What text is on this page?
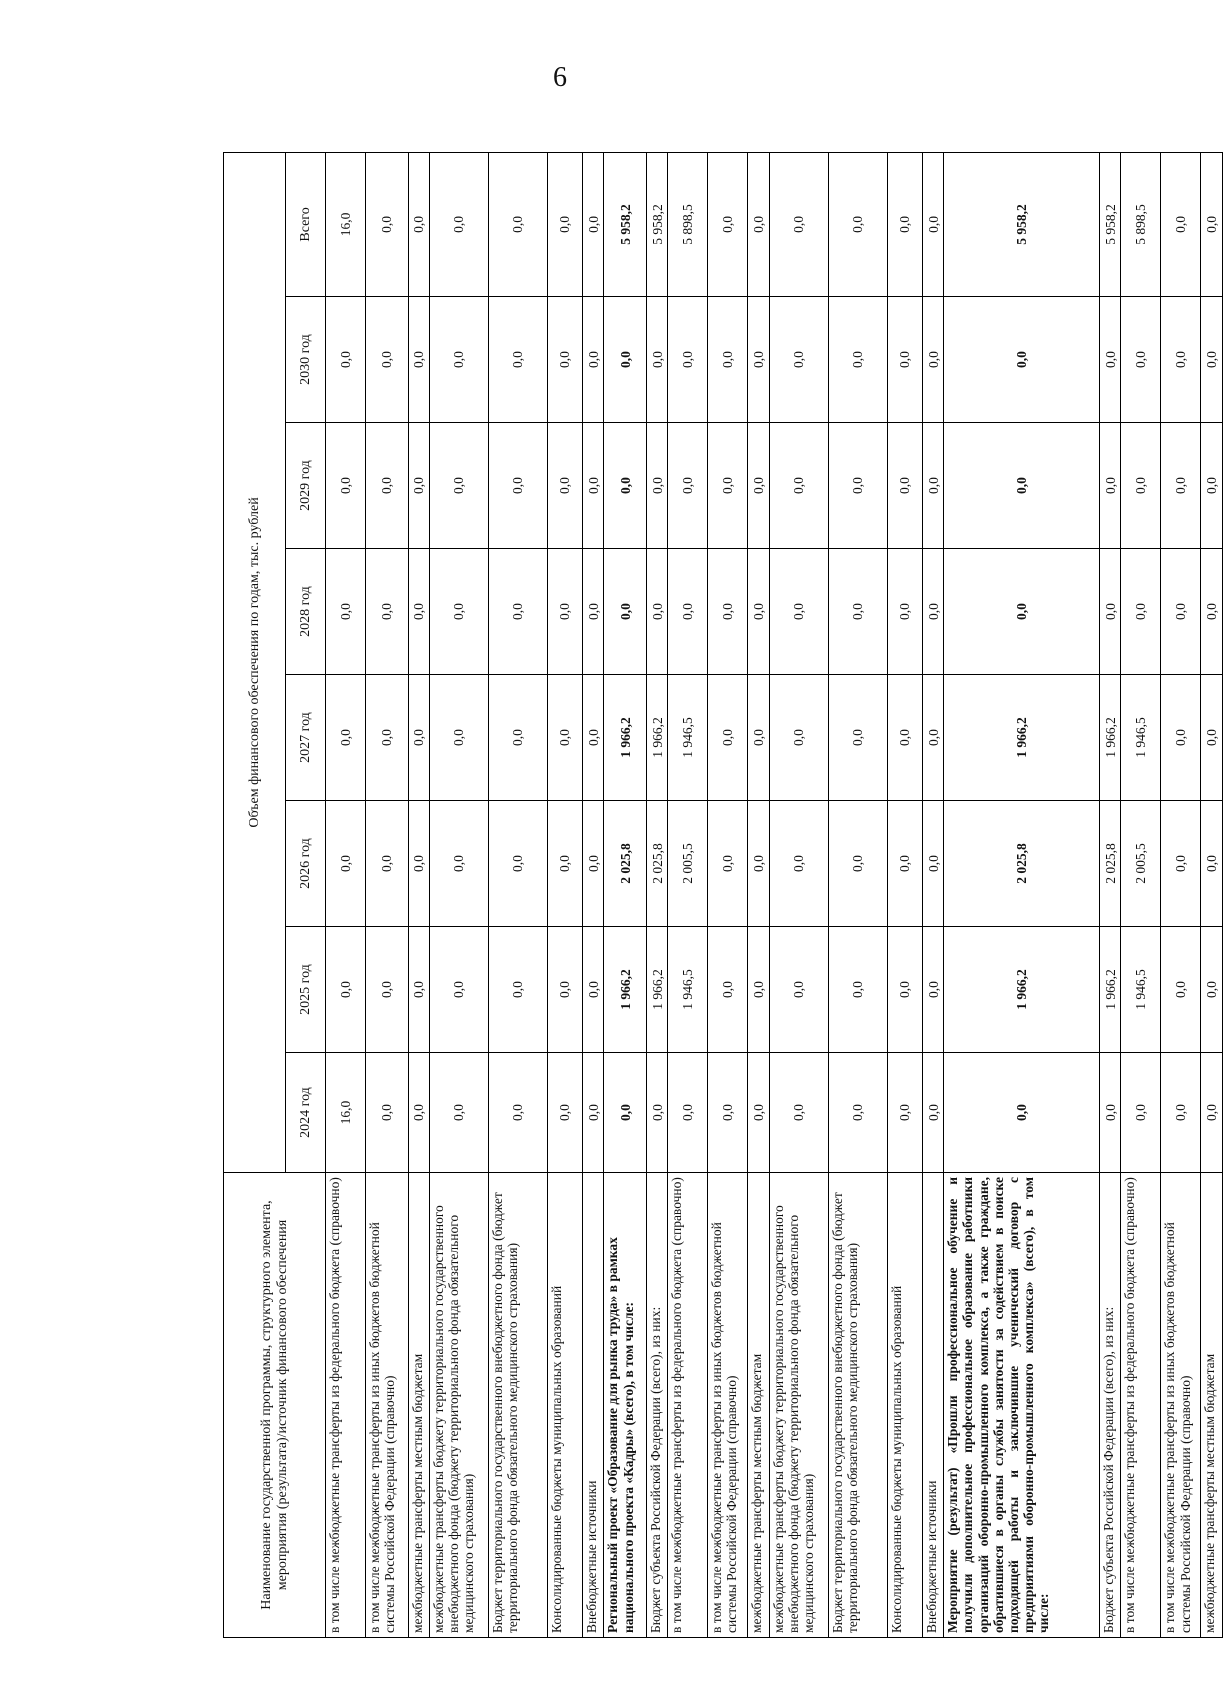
6
Наименование государственной программы, структурного элемента, мероприятия (результата)/источник финансового обеспечения	Объем финансового обеспечения по годам, тыс. рублей							
	2024 год	2025 год	2026 год	2027 год	2028 год	2029 год	2030 год	Всего
в том числе межбюджетные трансферты из федерального бюджета (справочно)	16,0	0,0	0,0	0,0	0,0	0,0	0,0	16,0
в том числе межбюджетные трансферты из иных бюджетов бюджетной системы Российской Федерации (справочно)	0,0	0,0	0,0	0,0	0,0	0,0	0,0	0,0
межбюджетные трансферты местным бюджетам	0,0	0,0	0,0	0,0	0,0	0,0	0,0	0,0
межбюджетные трансферты бюджету территориального государственного внебюджетного фонда (бюджету территориального фонда обязательного медицинского страхования)	0,0	0,0	0,0	0,0	0,0	0,0	0,0	0,0
Бюджет территориального государственного внебюджетного фонда (бюджет территориального фонда обязательного медицинского страхования)	0,0	0,0	0,0	0,0	0,0	0,0	0,0	0,0
Консолидированные бюджеты муниципальных образований	0,0	0,0	0,0	0,0	0,0	0,0	0,0	0,0
Внебюджетные источники	0,0	0,0	0,0	0,0	0,0	0,0	0,0	0,0
Региональный проект «Образование для рынка труда» в рамках национального проекта «Кадры» (всего), в том числе:	0,0	1 966,2	2 025,8	1 966,2	0,0	0,0	0,0	5 958,2
Бюджет субъекта Российской Федерации (всего), из них:	0,0	1 966,2	2 025,8	1 966,2	0,0	0,0	0,0	5 958,2
в том числе межбюджетные трансферты из федерального бюджета (справочно)	0,0	1 946,5	2 005,5	1 946,5	0,0	0,0	0,0	5 898,5
в том числе межбюджетные трансферты из иных бюджетов бюджетной системы Российской Федерации (справочно)	0,0	0,0	0,0	0,0	0,0	0,0	0,0	0,0
межбюджетные трансферты местным бюджетам	0,0	0,0	0,0	0,0	0,0	0,0	0,0	0,0
межбюджетные трансферты бюджету территориального государственного внебюджетного фонда (бюджету территориального фонда обязательного медицинского страхования)	0,0	0,0	0,0	0,0	0,0	0,0	0,0	0,0
Бюджет территориального государственного внебюджетного фонда (бюджет территориального фонда обязательного медицинского страхования)	0,0	0,0	0,0	0,0	0,0	0,0	0,0	0,0
Консолидированные бюджеты муниципальных образований	0,0	0,0	0,0	0,0	0,0	0,0	0,0	0,0
Внебюджетные источники	0,0	0,0	0,0	0,0	0,0	0,0	0,0	0,0
Мероприятие (результат) «Прошли профессиональное обучение и получили дополнительное профессиональное образование работники организаций оборонно-промышленного комплекса, а также граждане, обратившиеся в органы службы занятости за содействием в поиске подходящей работы и заключившие ученический договор с предприятиями оборонно-промышленного комплекса» (всего), в том числе:	0,0	1 966,2	2 025,8	1 966,2	0,0	0,0	0,0	5 958,2
Бюджет субъекта Российской Федерации (всего), из них:	0,0	1 966,2	2 025,8	1 966,2	0,0	0,0	0,0	5 958,2
в том числе межбюджетные трансферты из федерального бюджета (справочно)	0,0	1 946,5	2 005,5	1 946,5	0,0	0,0	0,0	5 898,5
в том числе межбюджетные трансферты из иных бюджетов бюджетной системы Российской Федерации (справочно)	0,0	0,0	0,0	0,0	0,0	0,0	0,0	0,0
межбюджетные трансферты местным бюджетам	0,0	0,0	0,0	0,0	0,0	0,0	0,0	0,0
